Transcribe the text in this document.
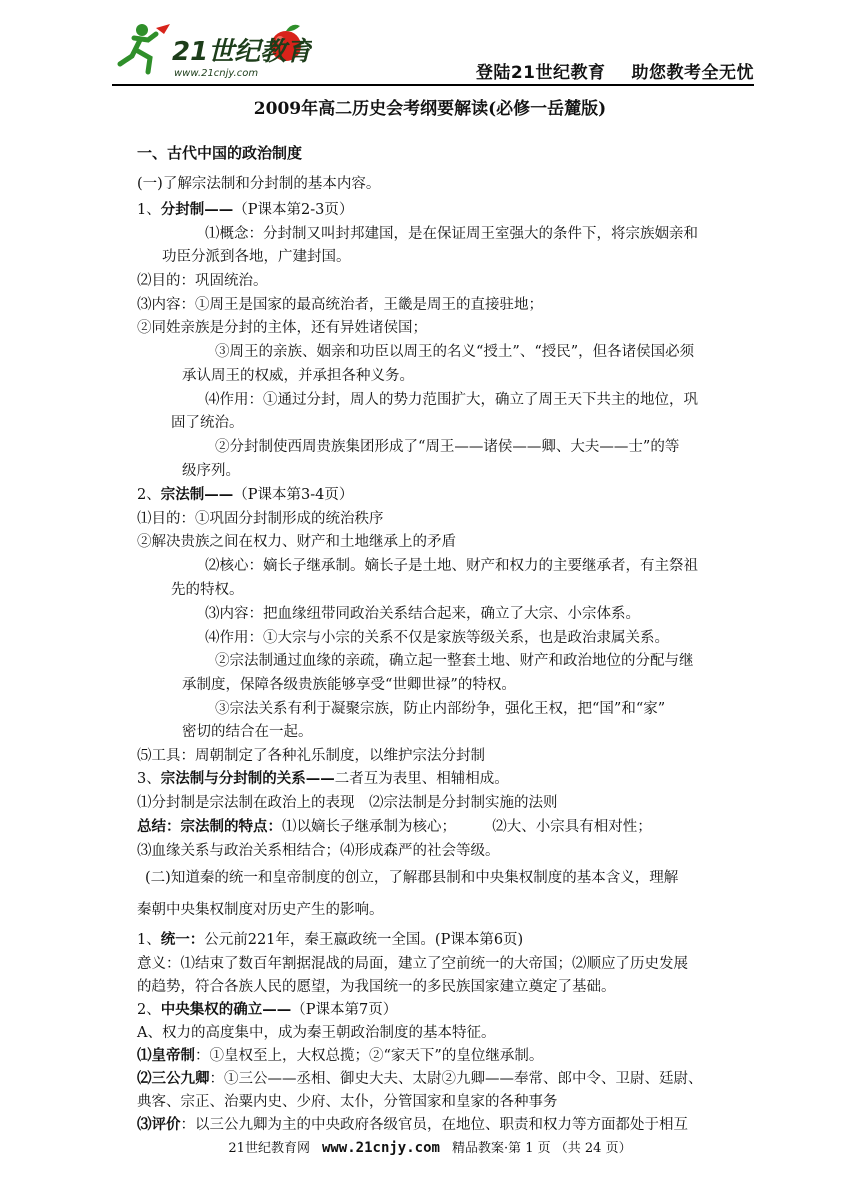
21世纪教育
www.21cnjy.com	登陆21世纪教育 助您教考全无忧
2009年高二历史会考纲要解读(必修一岳麓版)
一、古代中国的政治制度
(一)了解宗法制和分封制的基本内容。
1、分封制——（P课本第2-3页）
⑴概念：分封制又叫封邦建国，是在保证周王室强大的条件下，将宗族姻亲和
功臣分派到各地，广建封国。
⑵目的：巩固统治。
⑶内容：①周王是国家的最高统治者，王畿是周王的直接驻地；
②同姓亲族是分封的主体，还有异姓诸侯国；
③周王的亲族、姻亲和功臣以周王的名义“授土”、“授民”，但各诸侯国必须
承认周王的权威，并承担各种义务。
⑷作用：①通过分封，周人的势力范围扩大，确立了周王天下共主的地位，巩
固了统治。
②分封制使西周贵族集团形成了“周王——诸侯——卿、大夫——士”的等
级序列。
2、宗法制——（P课本第3-4页）
⑴目的：①巩固分封制形成的统治秩序
②解决贵族之间在权力、财产和土地继承上的矛盾
⑵核心：嫡长子继承制。嫡长子是土地、财产和权力的主要继承者，有主祭祖
先的特权。
⑶内容：把血缘纽带同政治关系结合起来，确立了大宗、小宗体系。
⑷作用：①大宗与小宗的关系不仅是家族等级关系，也是政治隶属关系。
②宗法制通过血缘的亲疏，确立起一整套土地、财产和政治地位的分配与继
承制度，保障各级贵族能够享受“世卿世禄”的特权。
③宗法关系有利于凝聚宗族，防止内部纷争，强化王权，把“国”和“家”
密切的结合在一起。
⑸工具：周朝制定了各种礼乐制度，以维护宗法分封制
3、宗法制与分封制的关系——二者互为表里、相辅相成。
⑴分封制是宗法制在政治上的表现　⑵宗法制是分封制实施的法则
总结：宗法制的特点：⑴以嫡长子继承制为核心；　　　⑵大、小宗具有相对性；
⑶血缘关系与政治关系相结合；⑷形成森严的社会等级。
(二)知道秦的统一和皇帝制度的创立，了解郡县制和中央集权制度的基本含义，理解
秦朝中央集权制度对历史产生的影响。
1、统一：公元前221年，秦王嬴政统一全国。(P课本第6页)
意义：⑴结束了数百年割据混战的局面，建立了空前统一的大帝国；⑵顺应了历史发展
的趋势，符合各族人民的愿望，为我国统一的多民族国家建立奠定了基础。
2、中央集权的确立——（P课本第7页）
A、权力的高度集中，成为秦王朝政治制度的基本特征。
⑴皇帝制：①皇权至上，大权总揽；②“家天下”的皇位继承制。
⑵三公九卿：①三公——丞相、御史大夫、太尉②九卿——奉常、郎中令、卫尉、廷尉、
典客、宗正、治粟内史、少府、太仆，分管国家和皇家的各种事务
⑶评价：以三公九卿为主的中央政府各级官员，在地位、职责和权力等方面都处于相互
21世纪教育网 www.21cnjy.com 精品教案·第 1 页 （共 24 页）
